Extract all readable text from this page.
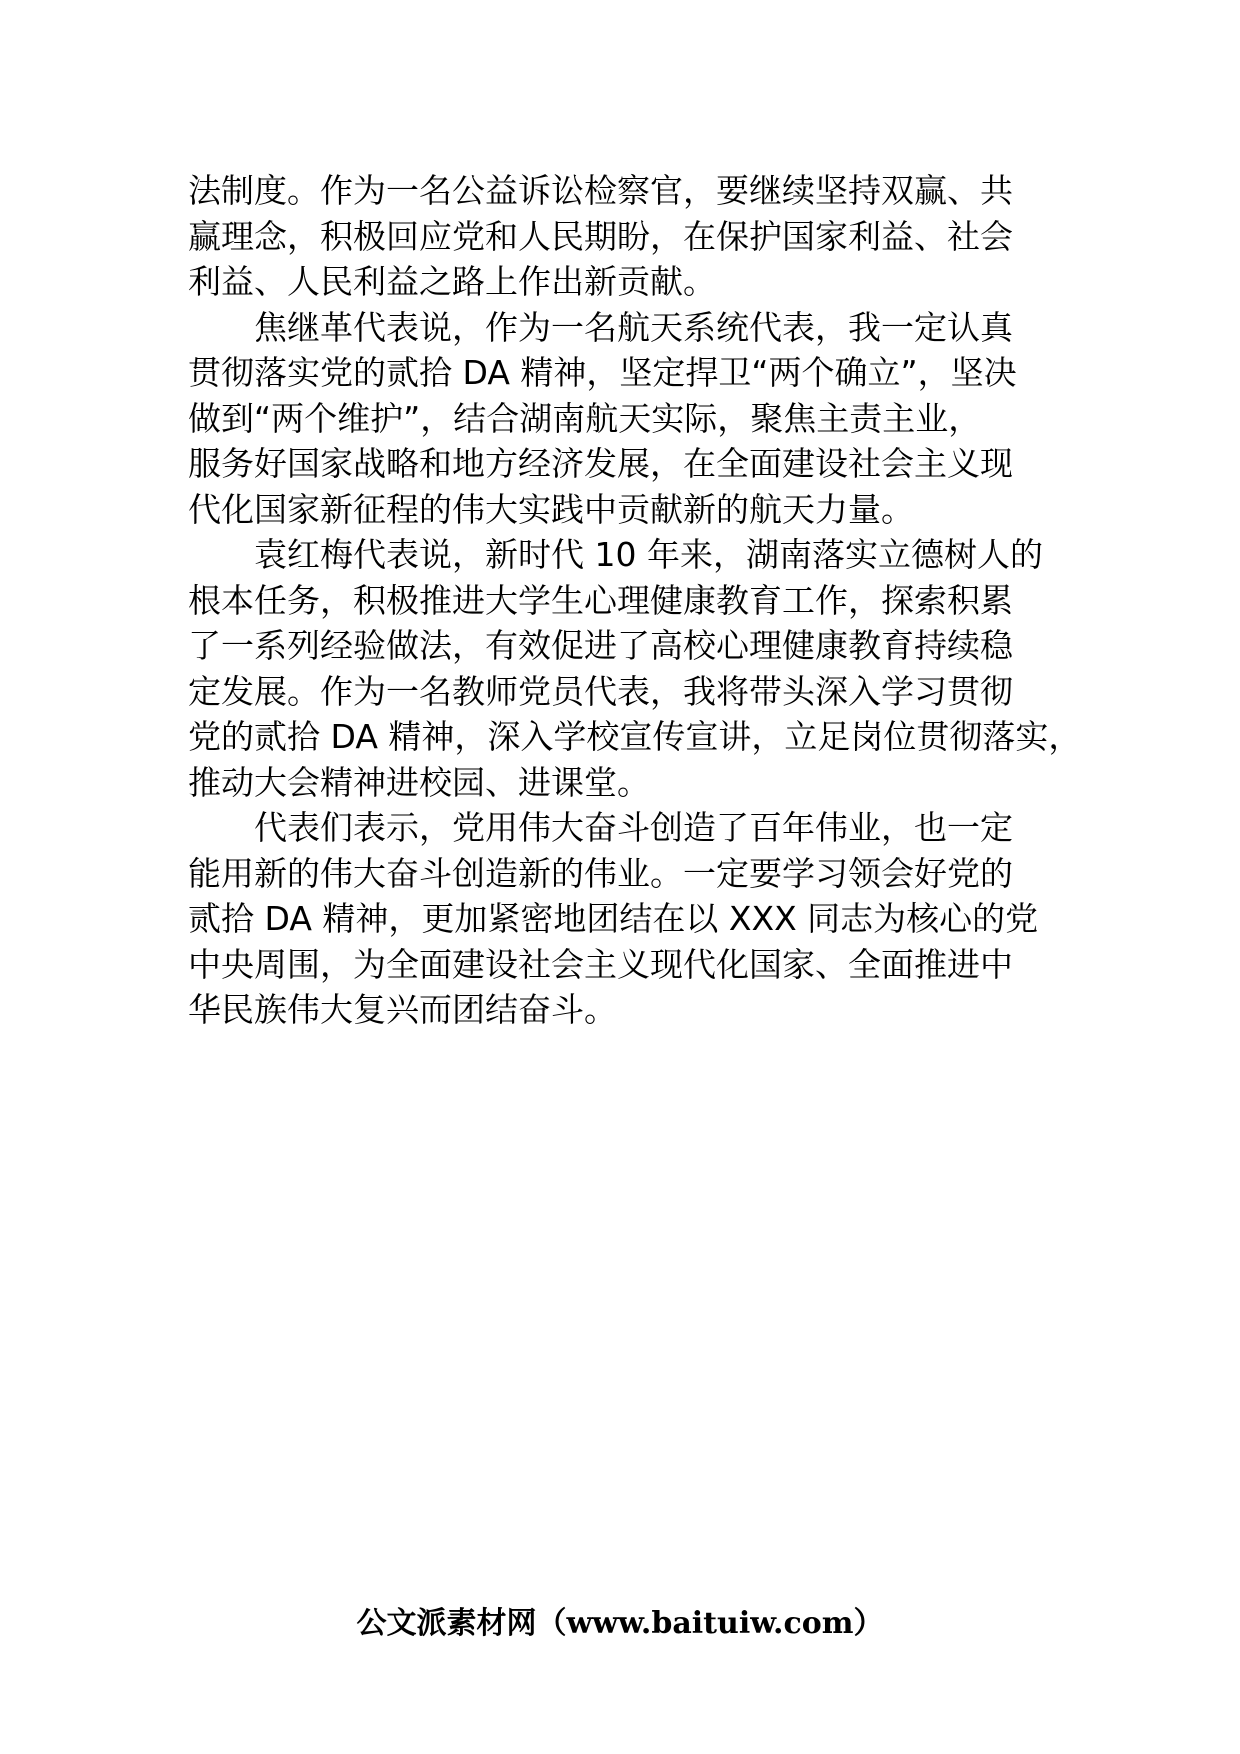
法制度。作为一名公益诉讼检察官，要继续坚持双赢、共
赢理念，积极回应党和人民期盼，在保护国家利益、社会
利益、人民利益之路上作出新贡献。
焦继革代表说，作为一名航天系统代表，我一定认真
贯彻落实党的贰拾 DA 精神，坚定捍卫“两个确立”，坚决
做到“两个维护”，结合湖南航天实际，聚焦主责主业，
服务好国家战略和地方经济发展，在全面建设社会主义现
代化国家新征程的伟大实践中贡献新的航天力量。
袁红梅代表说，新时代 10 年来，湖南落实立德树人的
根本任务，积极推进大学生心理健康教育工作，探索积累
了一系列经验做法，有效促进了高校心理健康教育持续稳
定发展。作为一名教师党员代表，我将带头深入学习贯彻
党的贰拾 DA 精神，深入学校宣传宣讲，立足岗位贯彻落实，
推动大会精神进校园、进课堂。
代表们表示，党用伟大奋斗创造了百年伟业，也一定
能用新的伟大奋斗创造新的伟业。一定要学习领会好党的
贰拾 DA 精神，更加紧密地团结在以 XXX 同志为核心的党
中央周围，为全面建设社会主义现代化国家、全面推进中
华民族伟大复兴而团结奋斗。
公文派素材网（www.baituiw.com）
